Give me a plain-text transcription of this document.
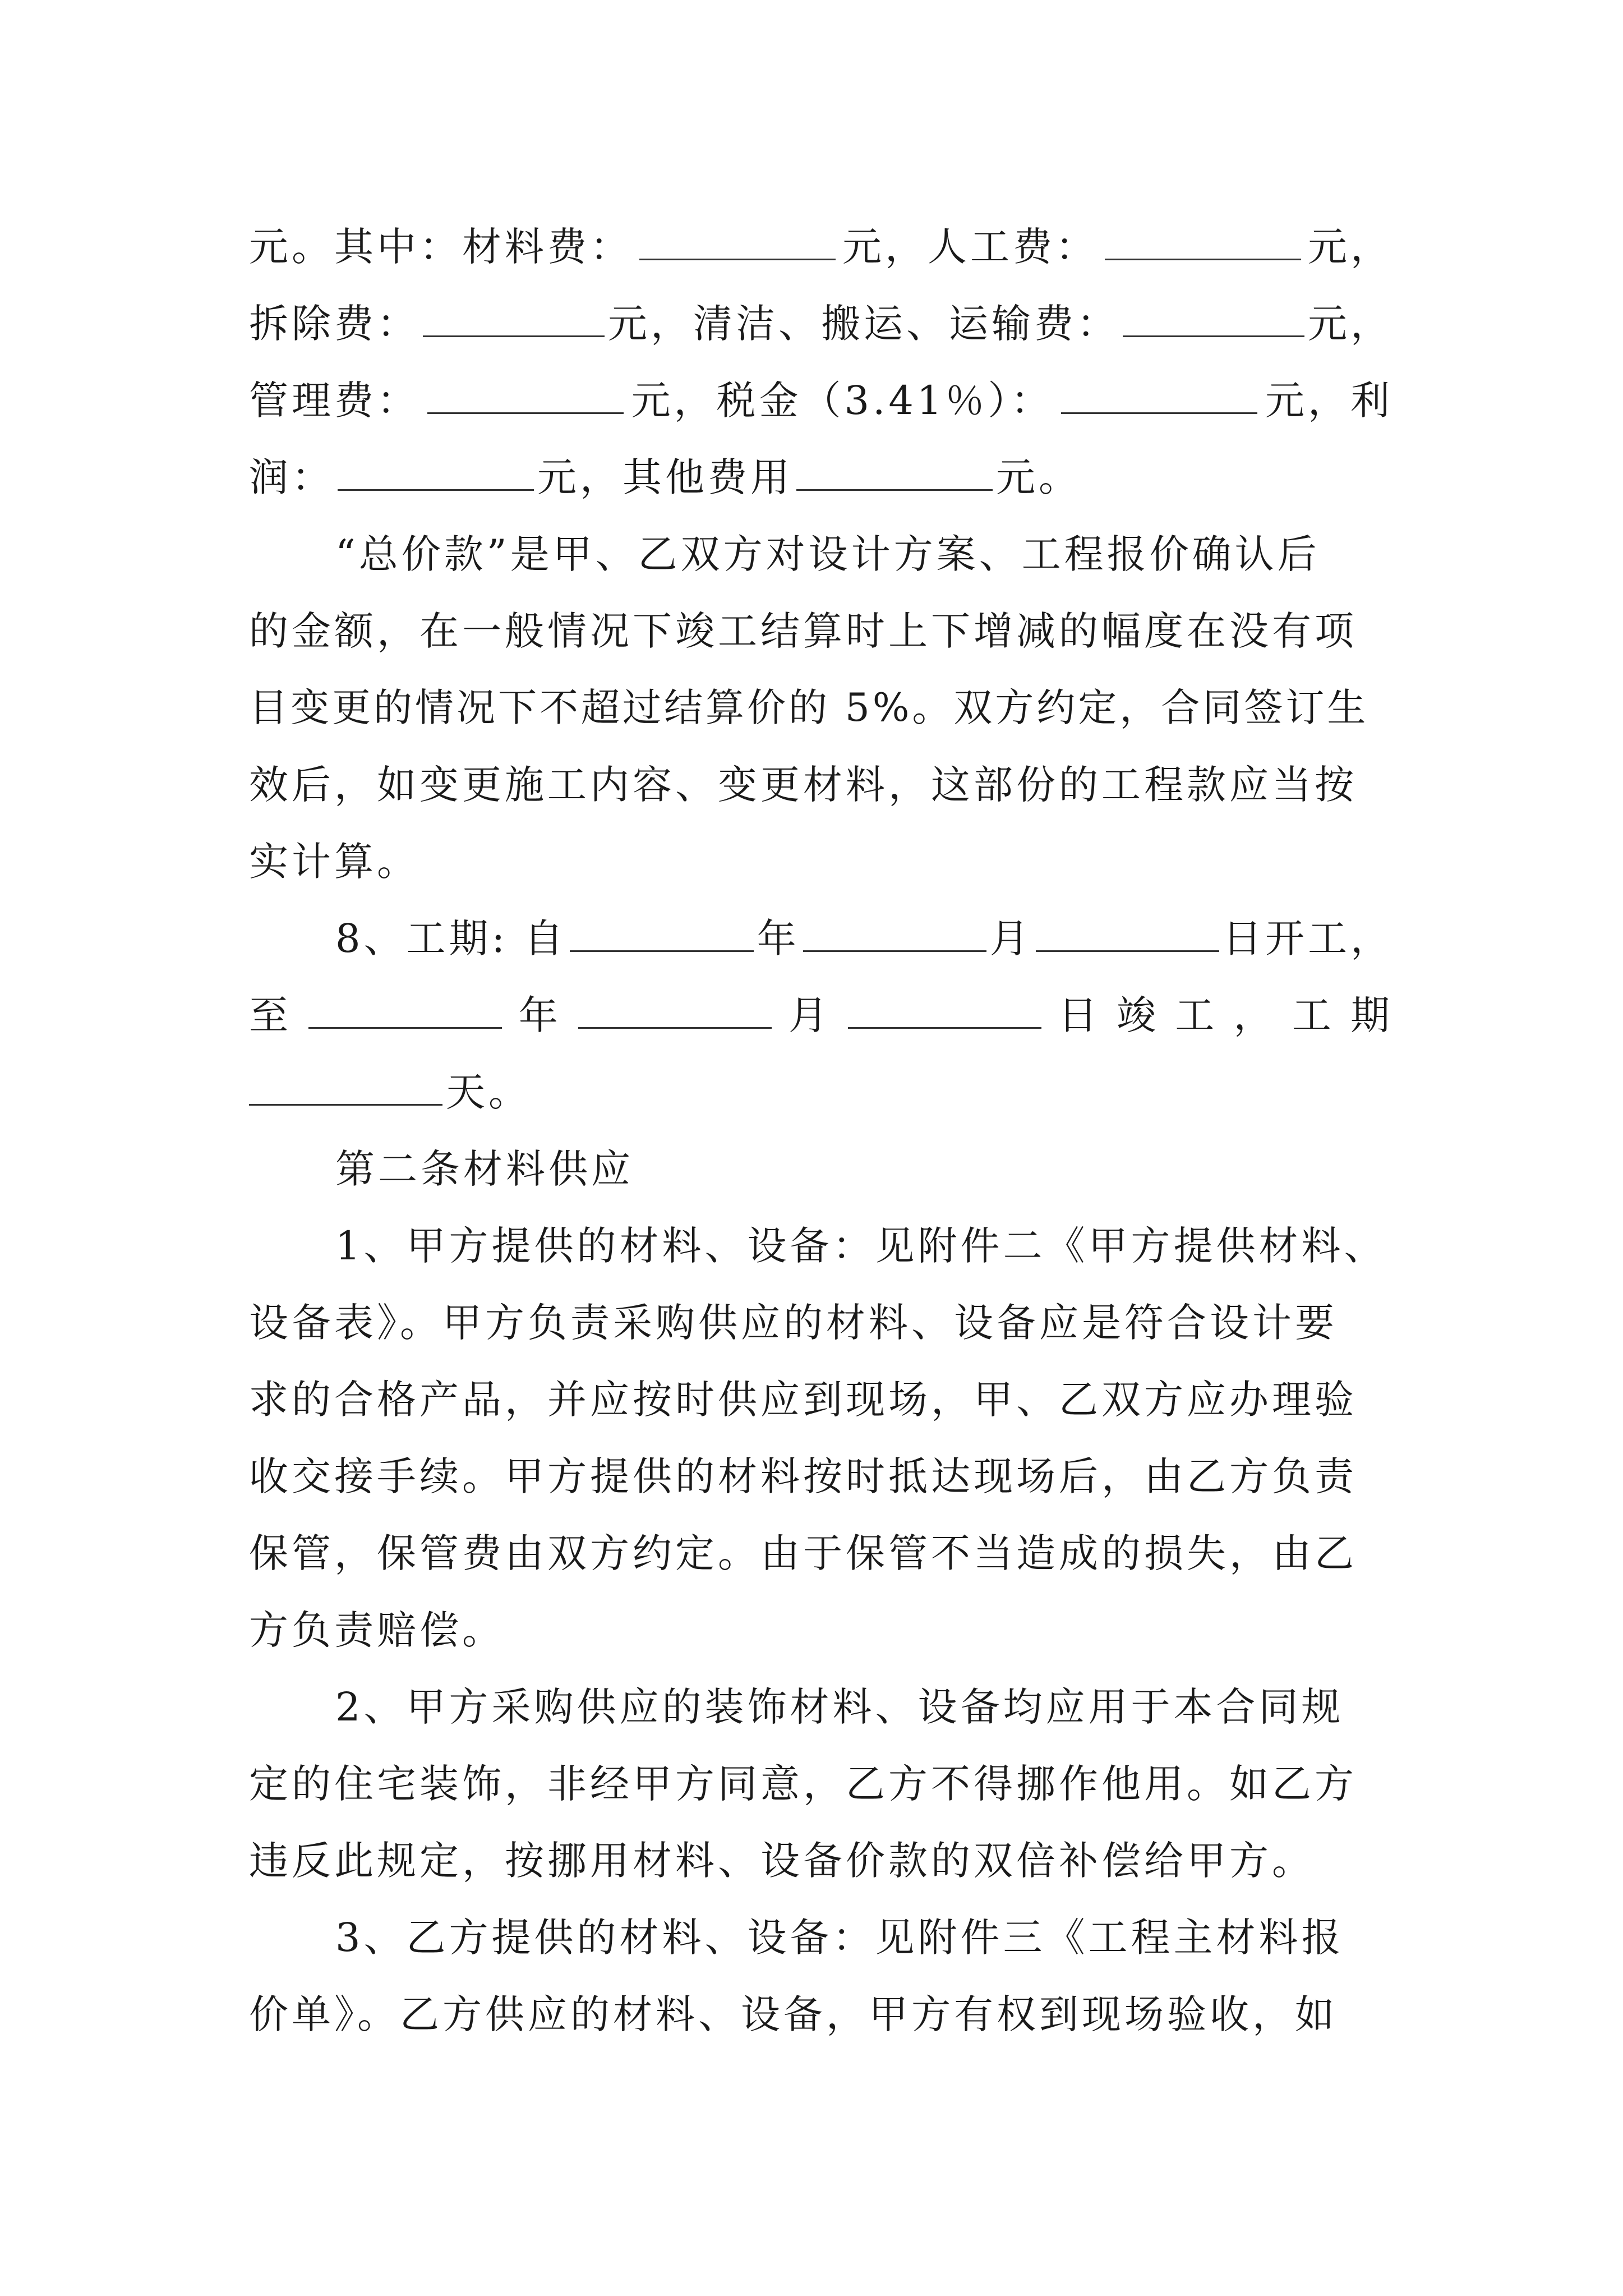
元。其中：材料费：	元，人工费：	元，
拆除费：	元，清洁、搬运、运输费：	元，
管理费：	元，税金（3.41％）：	元，利
润：	元，其他费用	元。
“总价款”是甲、乙双方对设计方案、工程报价确认后
的金额，在一般情况下竣工结算时上下增减的幅度在没有项
目变更的情况下不超过结算价的 5%。双方约定，合同签订生
效后，如变更施工内容、变更材料，这部份的工程款应当按
实计算。
8、工期: 自	年	月	日开工，
至	年	月	日 竣 工 ， 工 期
天。
第二条材料供应
1、甲方提供的材料、设备：见附件二《甲方提供材料、
设备表》。甲方负责采购供应的材料、设备应是符合设计要
求的合格产品，并应按时供应到现场，甲、乙双方应办理验
收交接手续。甲方提供的材料按时抵达现场后，由乙方负责
保管，保管费由双方约定。由于保管不当造成的损失，由乙
方负责赔偿。
2、甲方采购供应的装饰材料、设备均应用于本合同规
定的住宅装饰，非经甲方同意，乙方不得挪作他用。如乙方
违反此规定，按挪用材料、设备价款的双倍补偿给甲方。
3、乙方提供的材料、设备：见附件三《工程主材料报
价单》。乙方供应的材料、设备，甲方有权到现场验收，如
